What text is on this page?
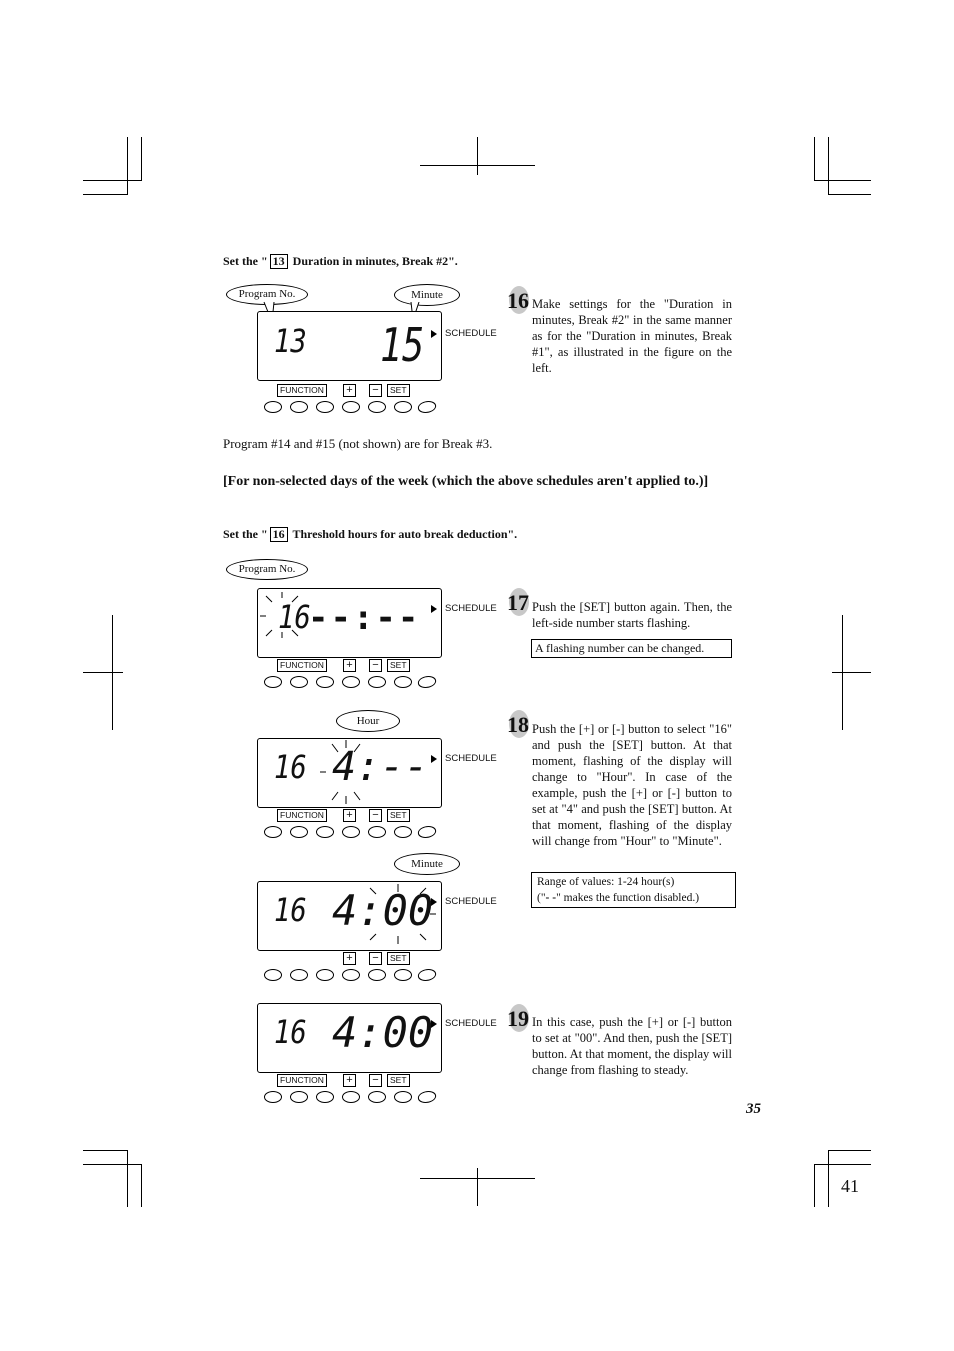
Set the " 13 Duration in minutes, Break #2".
Program No.	Minute
13 15 SCHEDULE
FUNCTION + −	SET
16 Make settings for the "Duration in minutes, Break #2" in the same manner as for the "Duration in minutes, Break #1", as illustrated in the figure on the left.
Program #14 and #15 (not shown) are for Break #3.
[For non-selected days of the week (which the above schedules aren't applied to.)]
Set the " 16 Threshold hours for auto break deduction".
Program No.
16
--:--	SCHEDULE
FUNCTION + −	SET
17 Push the [SET] button again. Then, the left-side number starts flashing.
A flashing number can be changed.
Hour
16 4:-- SCHEDULE
FUNCTION + −	SET
18 Push the [+] or [-] button to select "16" and push the [SET] button. At that moment, flashing of the display will change to "Hour". In case of the example, push the [+] or [-] button to set at "4" and push the [SET] button. At that moment, flashing of the display will change from "Hour" to "Minute".
Range of values: 1-24 hour(s)
("- -" makes the function disabled.)
Minute
16 4:00 SCHEDULE
+ −	SET
16 4:00 SCHEDULE
FUNCTION + −	SET
19 In this case, push the [+] or [-] button to set at "00". And then, push the [SET] button. At that moment, the display will change from flashing to steady.
35
41
